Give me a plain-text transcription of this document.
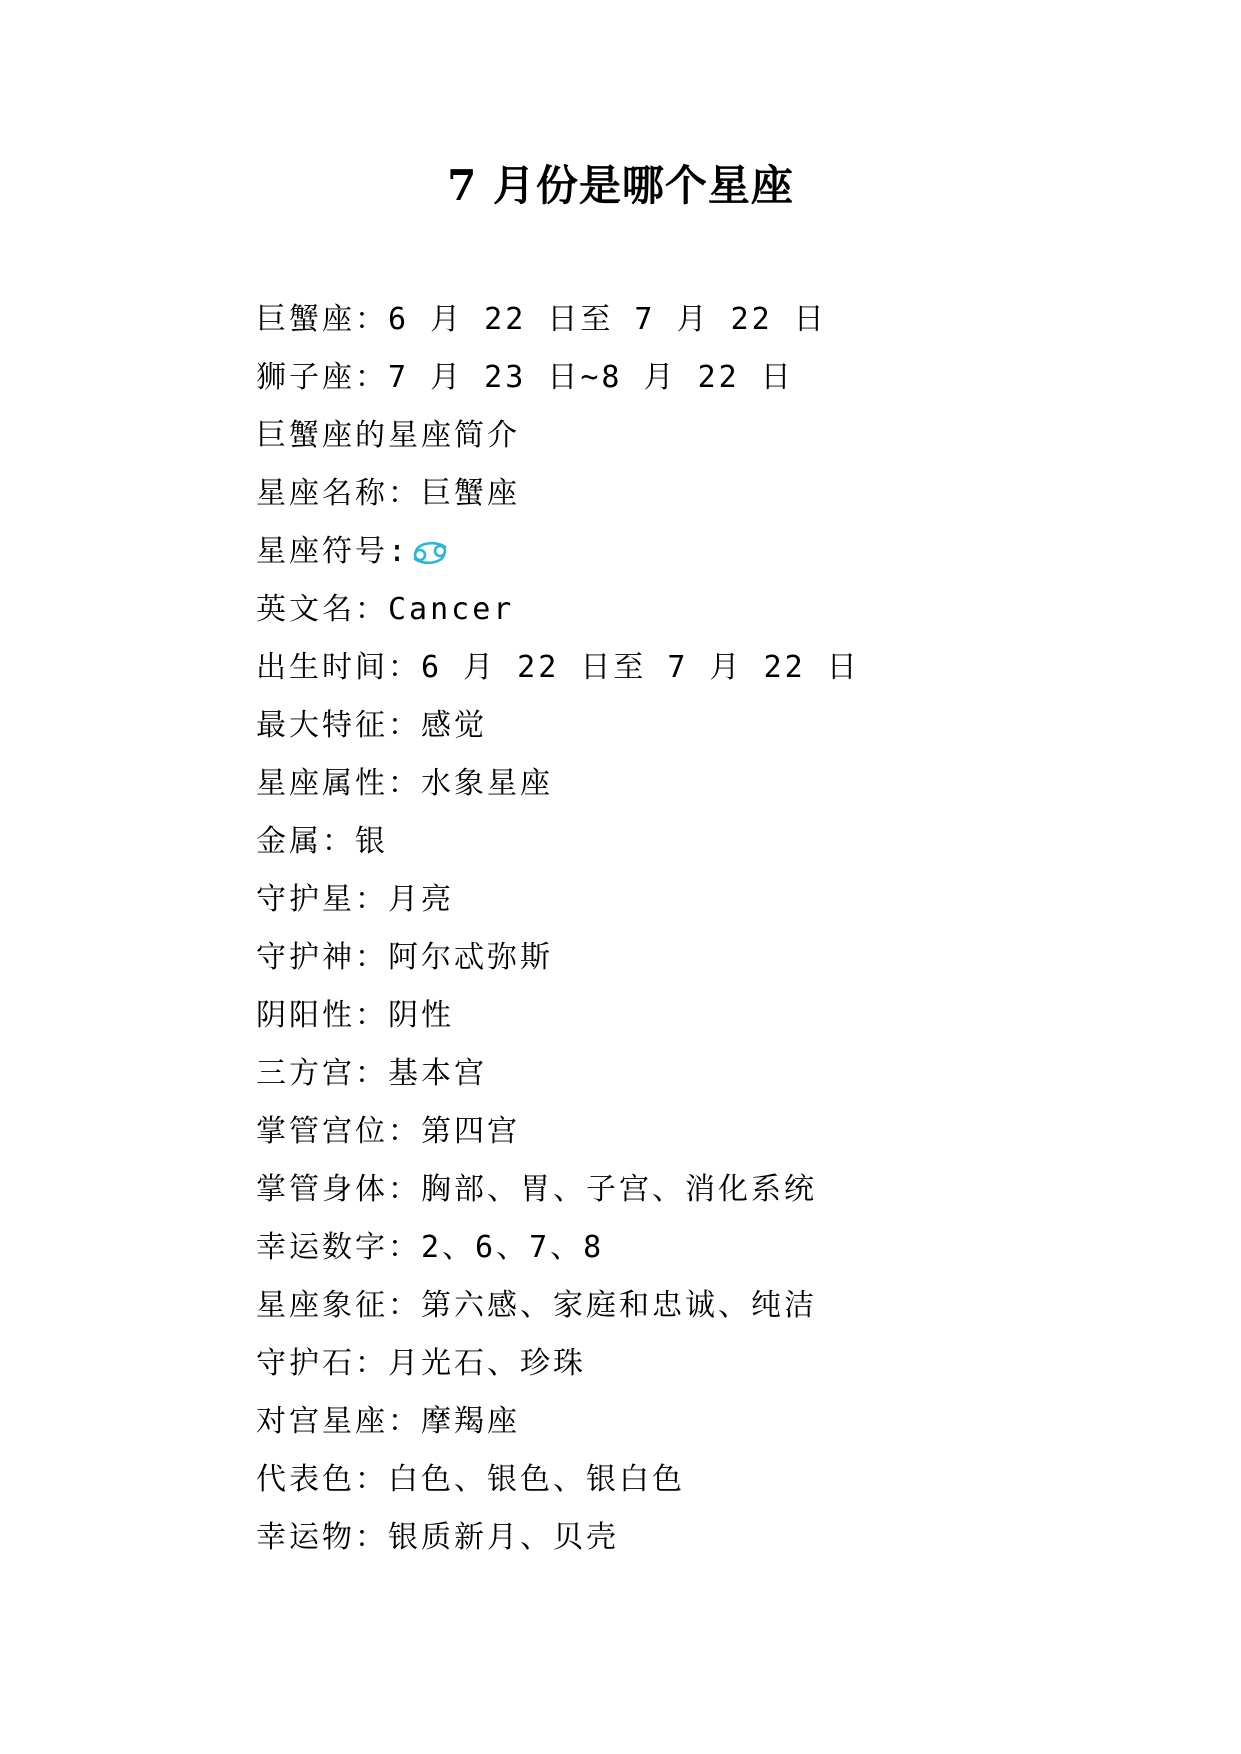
7 月份是哪个星座
巨蟹座：6 月 22 日至 7 月 22 日
狮子座：7 月 23 日~8 月 22 日
巨蟹座的星座简介
星座名称：巨蟹座
星座符号:
英文名：Cancer
出生时间：6 月 22 日至 7 月 22 日
最大特征：感觉
星座属性：水象星座
金属：银
守护星：月亮
守护神：阿尔忒弥斯
阴阳性：阴性
三方宫：基本宫
掌管宫位：第四宫
掌管身体：胸部、胃、子宫、消化系统
幸运数字：2、6、7、8
星座象征：第六感、家庭和忠诚、纯洁
守护石：月光石、珍珠
对宫星座：摩羯座
代表色：白色、银色、银白色
幸运物：银质新月、贝壳
